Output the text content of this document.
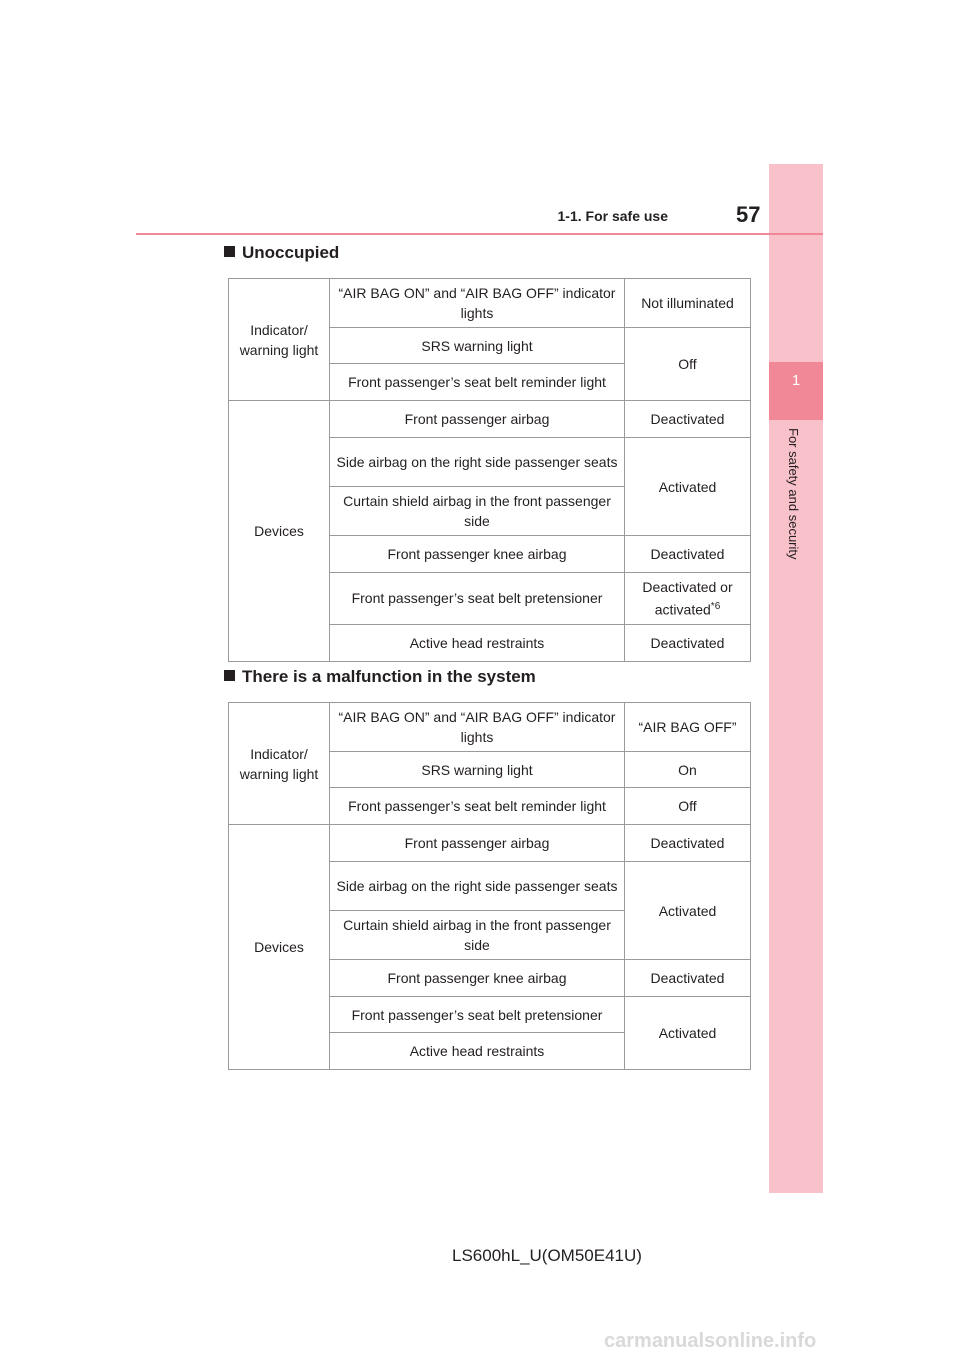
1
For safety and security
1-1. For safe use	57
Unoccupied
Indicator/ warning light	“AIR BAG ON” and “AIR BAG OFF” indicator lights	Not illuminated
	SRS warning light	Off
	Front passenger’s seat belt reminder light	
Devices	Front passenger airbag	Deactivated
	Side airbag on the right side passenger seats	Activated
	Curtain shield airbag in the front passenger side	
	Front passenger knee airbag	Deactivated
	Front passenger’s seat belt pretensioner	Deactivated or activated$^{*6}$
	Active head restraints	Deactivated
There is a malfunction in the system
Indicator/ warning light	“AIR BAG ON” and “AIR BAG OFF” indicator lights	“AIR BAG OFF”
	SRS warning light	On
	Front passenger’s seat belt reminder light	Off
Devices	Front passenger airbag	Deactivated
	Side airbag on the right side passenger seats	Activated
	Curtain shield airbag in the front passenger side	
	Front passenger knee airbag	Deactivated
	Front passenger’s seat belt pretensioner	Activated
	Active head restraints	
LS600hL_U(OM50E41U)
carmanualsonline.info
